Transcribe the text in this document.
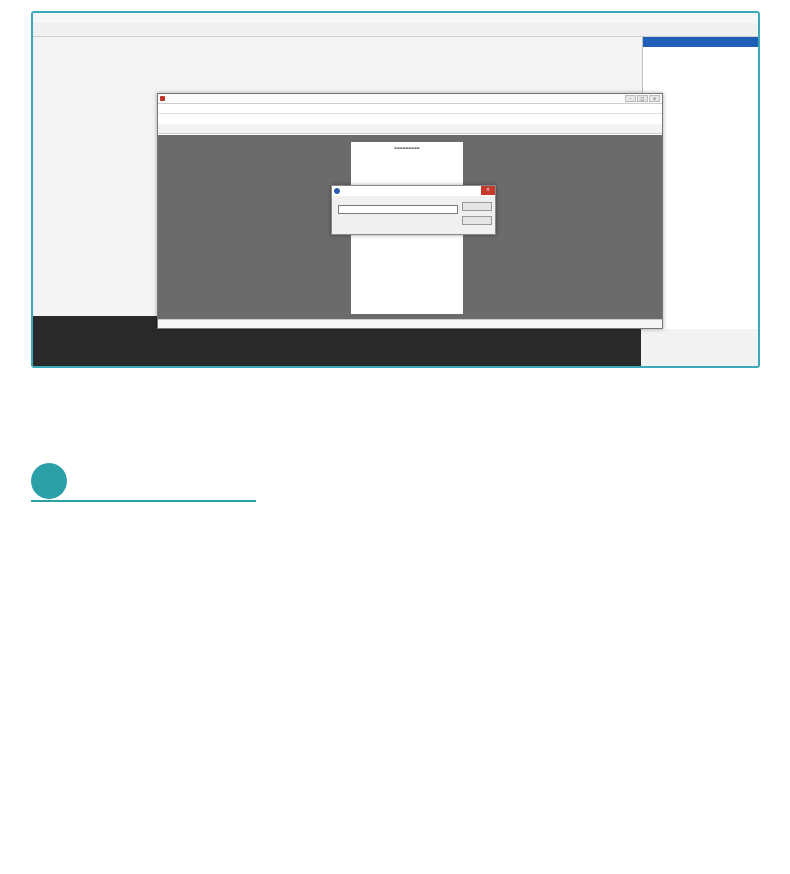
–	□	×
▬▬▬▬▬▬▬▬▬
×
